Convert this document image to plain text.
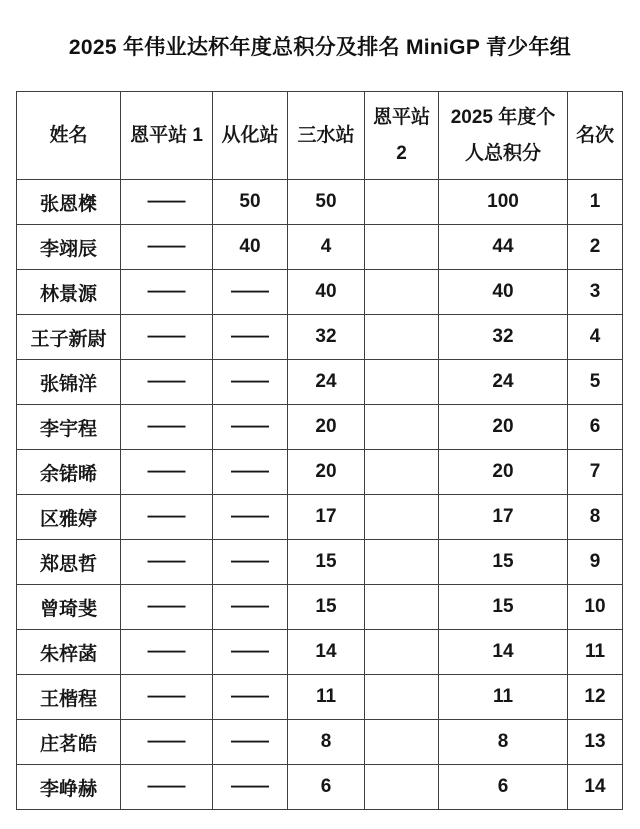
2025 年伟业达杯年度总积分及排名 MiniGP 青少年组
姓名	恩平站 1	从化站	三水站	恩平站 2	2025 年度个人总积分	名次
张恩榤	——	50	50		100	1
李翊辰	——	40	4		44	2
林景源	——	——	40		40	3
王子新尉	——	——	32		32	4
张锦洋	——	——	24		24	5
李宇程	——	——	20		20	6
余锘晞	——	——	20		20	7
区雅婷	——	——	17		17	8
郑思哲	——	——	15		15	9
曾琦斐	——	——	15		15	10
朱梓菡	——	——	14		14	11
王楷程	——	——	11		11	12
庄茗皓	——	——	8		8	13
李峥赫	——	——	6		6	14
